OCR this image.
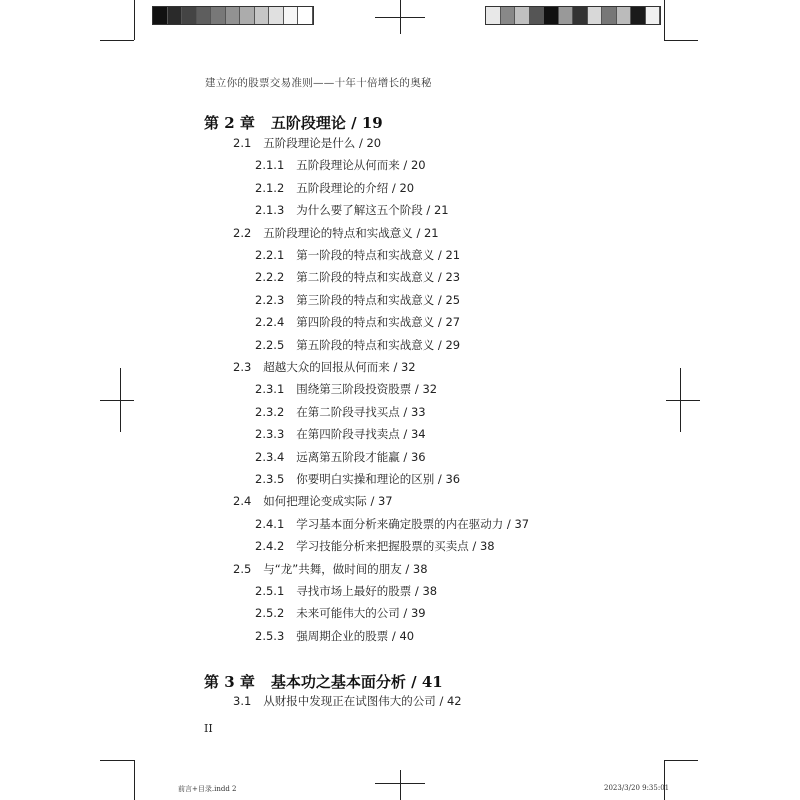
建立你的股票交易准则——十年十倍增长的奥秘
第 2 章 五阶段理论 / 19
2.1 五阶段理论是什么 / 20
2.1.1 五阶段理论从何而来 / 20
2.1.2 五阶段理论的介绍 / 20
2.1.3 为什么要了解这五个阶段 / 21
2.2 五阶段理论的特点和实战意义 / 21
2.2.1 第一阶段的特点和实战意义 / 21
2.2.2 第二阶段的特点和实战意义 / 23
2.2.3 第三阶段的特点和实战意义 / 25
2.2.4 第四阶段的特点和实战意义 / 27
2.2.5 第五阶段的特点和实战意义 / 29
2.3 超越大众的回报从何而来 / 32
2.3.1 围绕第三阶段投资股票 / 32
2.3.2 在第二阶段寻找买点 / 33
2.3.3 在第四阶段寻找卖点 / 34
2.3.4 远离第五阶段才能赢 / 36
2.3.5 你要明白实操和理论的区别 / 36
2.4 如何把理论变成实际 / 37
2.4.1 学习基本面分析来确定股票的内在驱动力 / 37
2.4.2 学习技能分析来把握股票的买卖点 / 38
2.5 与“龙”共舞，做时间的朋友 / 38
2.5.1 寻找市场上最好的股票 / 38
2.5.2 未来可能伟大的公司 / 39
2.5.3 强周期企业的股票 / 40
第 3 章 基本功之基本面分析 / 41
3.1 从财报中发现正在试图伟大的公司 / 42
II
前言+目录.indd 2	2023/3/20 9:35:01
